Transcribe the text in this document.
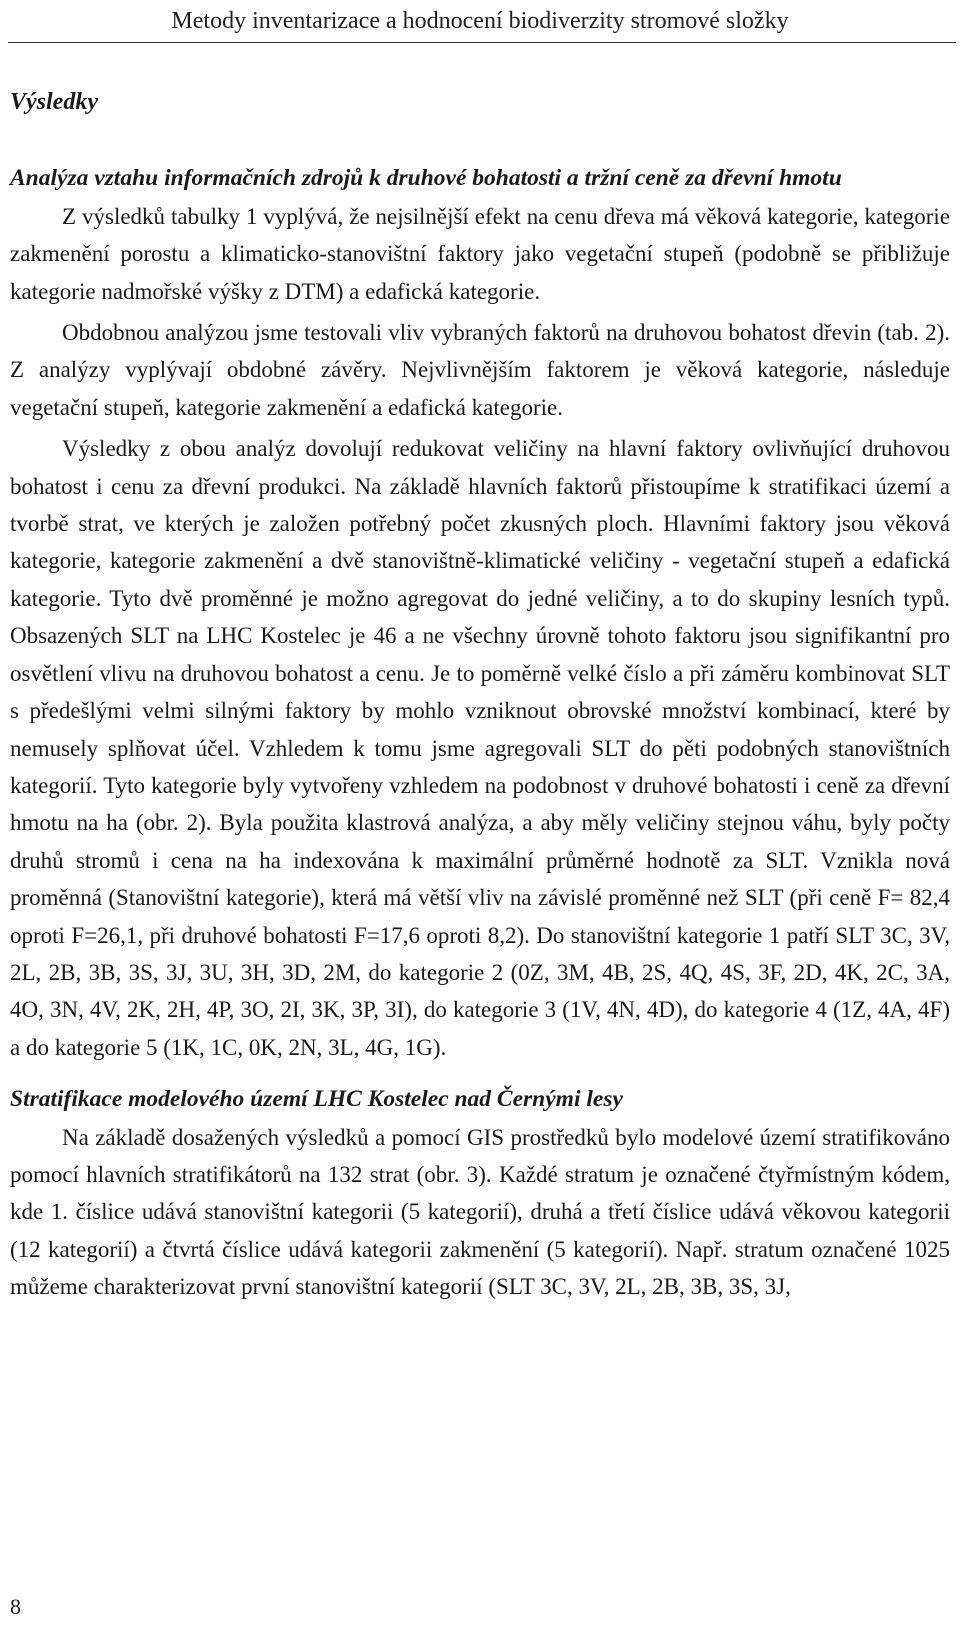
Metody inventarizace a hodnocení biodiverzity stromové složky
Výsledky
Analýza vztahu informačních zdrojů k druhové bohatosti a tržní ceně za dřevní hmotu

Z výsledků tabulky 1 vyplývá, že nejsilnější efekt na cenu dřeva má věková kategorie, kategorie zakmenění porostu a klimaticko-stanovištní faktory jako vegetační stupeň (podobně se přibližuje kategorie nadmořské výšky z DTM) a edafická kategorie.

Obdobnou analýzou jsme testovali vliv vybraných faktorů na druhovou bohatost dřevin (tab. 2). Z analýzy vyplývají obdobné závěry. Nejvlivnějším faktorem je věková kategorie, následuje vegetační stupeň, kategorie zakmenění a edafická kategorie.

Výsledky z obou analýz dovolují redukovat veličiny na hlavní faktory ovlivňující druhovou bohatost i cenu za dřevní produkci. Na základě hlavních faktorů přistoupíme k stratifikaci území a tvorbě strat, ve kterých je založen potřebný počet zkusných ploch. Hlavními faktory jsou věková kategorie, kategorie zakmenění a dvě stanovištně-klimatické veličiny - vegetační stupeň a edafická kategorie. Tyto dvě proměnné je možno agregovat do jedné veličiny, a to do skupiny lesních typů. Obsazených SLT na LHC Kostelec je 46 a ne všechny úrovně tohoto faktoru jsou signifikantní pro osvětlení vlivu na druhovou bohatost a cenu. Je to poměrně velké číslo a při záměru kombinovat SLT s předešlými velmi silnými faktory by mohlo vzniknout obrovské množství kombinací, které by nemusely splňovat účel. Vzhledem k tomu jsme agregovali SLT do pěti podobných stanovištních kategorií. Tyto kategorie byly vytvořeny vzhledem na podobnost v druhové bohatosti i ceně za dřevní hmotu na ha (obr. 2). Byla použita klastrová analýza, a aby měly veličiny stejnou váhu, byly počty druhů stromů i cena na ha indexována k maximální průměrné hodnotě za SLT. Vznikla nová proměnná (Stanovištní kategorie), která má větší vliv na závislé proměnné než SLT (při ceně F= 82,4 oproti F=26,1, při druhové bohatosti F=17,6 oproti 8,2). Do stanovištní kategorie 1 patří SLT 3C, 3V, 2L, 2B, 3B, 3S, 3J, 3U, 3H, 3D, 2M, do kategorie 2 (0Z, 3M, 4B, 2S, 4Q, 4S, 3F, 2D, 4K, 2C, 3A, 4O, 3N, 4V, 2K, 2H, 4P, 3O, 2I, 3K, 3P, 3I), do kategorie 3 (1V, 4N, 4D), do kategorie 4 (1Z, 4A, 4F) a do kategorie 5 (1K, 1C, 0K, 2N, 3L, 4G, 1G).

Stratifikace modelového území LHC Kostelec nad Černými lesy

Na základě dosažených výsledků a pomocí GIS prostředků bylo modelové území stratifikováno pomocí hlavních stratifikátorů na 132 strat (obr. 3). Každé stratum je označené čtyřmístným kódem, kde 1. číslice udává stanovištní kategorii (5 kategorií), druhá a třetí číslice udává věkovou kategorii (12 kategorií) a čtvrtá číslice udává kategorii zakmenění (5 kategorií). Např. stratum označené 1025 můžeme charakterizovat první stanovištní kategorií (SLT 3C, 3V, 2L, 2B, 3B, 3S, 3J,

8
